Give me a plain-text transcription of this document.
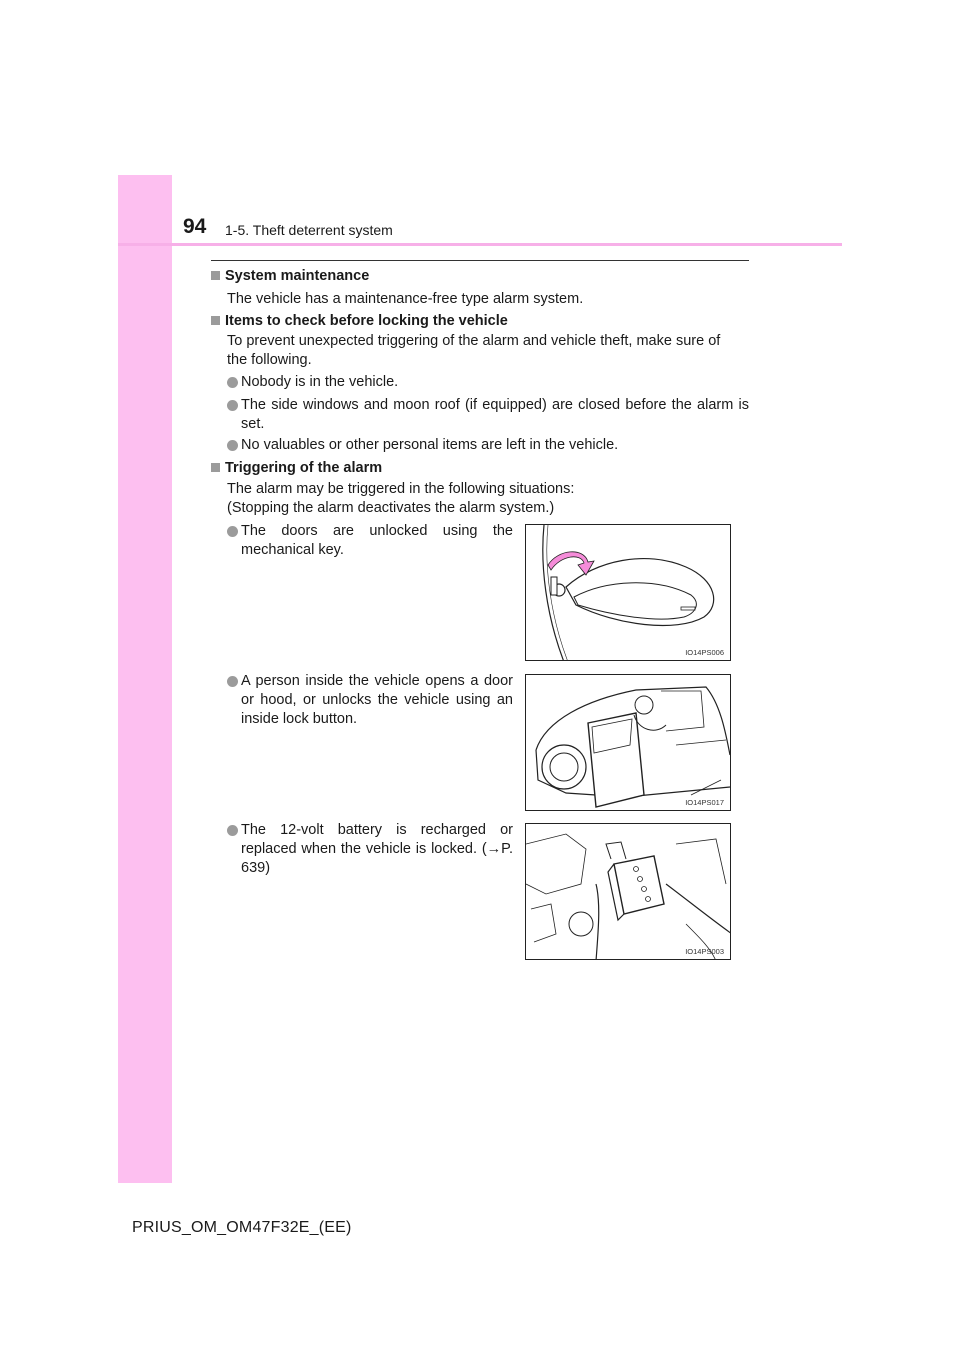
94 1-5. Theft deterrent system
System maintenance
The vehicle has a maintenance-free type alarm system.
Items to check before locking the vehicle
To prevent unexpected triggering of the alarm and vehicle theft, make sure of
the following.
Nobody is in the vehicle.
The side windows and moon roof (if equipped) are closed before the alarm is set.
No valuables or other personal items are left in the vehicle.
Triggering of the alarm
The alarm may be triggered in the following situations:
(Stopping the alarm deactivates the alarm system.)
The doors are unlocked using the mechanical key.
A person inside the vehicle opens a door or hood, or unlocks the vehicle using an inside lock button.
The 12-volt battery is recharged or replaced when the vehicle is locked. (→P. 639)
IO14PS006
IO14PS017
IO14PS003
PRIUS_OM_OM47F32E_(EE)
